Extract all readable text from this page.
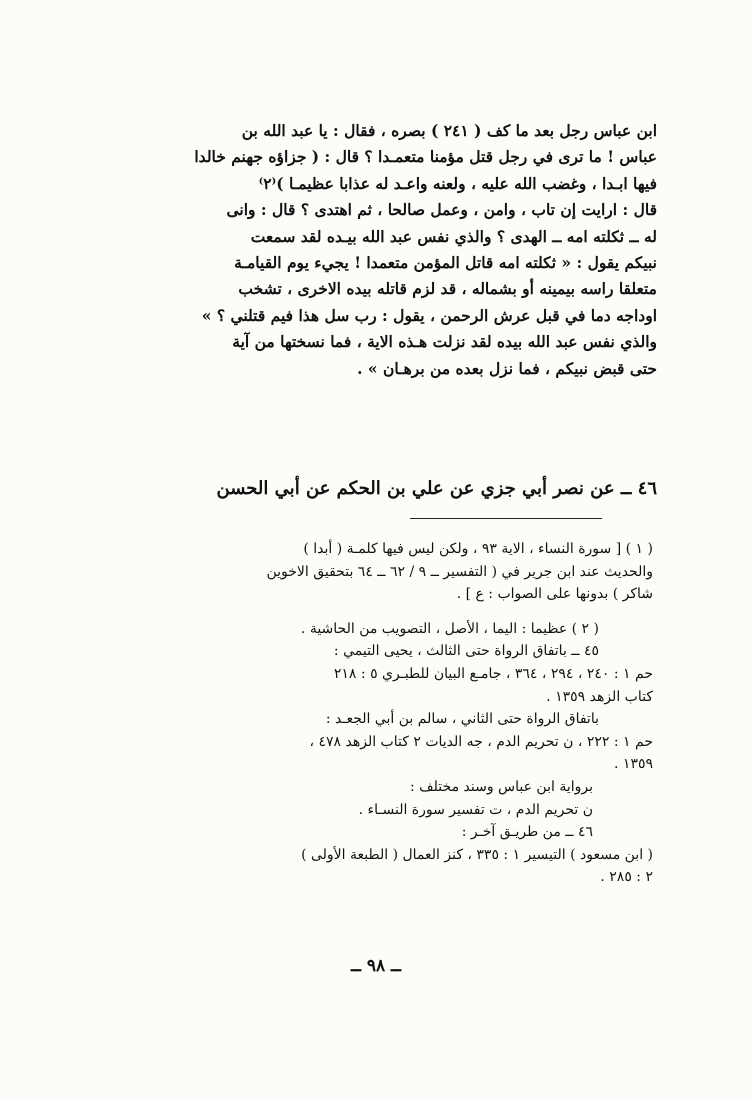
ابن عباس رجل بعد ما كف ( ٢٤١ ) بصره ، فقال : يا عبد الله بن
عباس ! ما ترى في رجل قتل مؤمنا متعمـدا ؟ قال : ( جزاؤه جهنم خالدا
فيها ابـدا ، وغضب الله عليه ، ولعنه واعـد له عذابا عظيمـا )⁽٢⁾
قال : ارايت إن تاب ، وامن ، وعمل صالحا ، ثم اهتدى ؟ قال : وانى
له ــ ثكلته امه ــ الهدى ؟ والذي نفس عبد الله بيـده لقد سمعت
نبيكم يقول : « ثكلته امه قاتل المؤمن متعمدا ! يجيء يوم القيامـة
متعلقا راسه بيمينه أو بشماله ، قد لزم قاتله بيده الاخرى ، تشخب
اوداجه دما في قبل عرش الرحمن ، يقول : رب سل هذا فيم قتلني ؟ »
والذي نفس عبد الله بيده لقد نزلت هـذه الاية ، فما نسختها من آية
حتى قبض نبيكم ، فما نزل بعده من برهـان » .
٤٦ ــ عن نصر أبي جزي عن علي بن الحكم عن أبي الحسن
( ١ ) [ سورة النساء ، الاية ٩٣ ، ولكن ليس فيها كلمـة ( أبدا )
والحديث عند ابن جرير في ( التفسير ــ ٩ / ٦٢ ــ ٦٤ بتحقيق الاخوين
شاكر ) بدونها على الصواب : ع ] .
( ٢ ) عظيما : اليما ، الأصل ، التصويب من الحاشية .
٤٥ ــ باتفاق الرواة حتى الثالث ، يحيى التيمي :
حم ١ : ٢٤٠ ، ٢٩٤ ، ٣٦٤ ، جامـع البيان للطبـري ٥ : ٢١٨
كتاب الزهد ١٣٥٩ .
باتفاق الرواة حتى الثاني ، سالم بن أبي الجعـد :
حم ١ : ٢٢٢ ، ن تحريم الدم ، جه الديات ٢ كتاب الزهد ٤٧٨ ،
١٣٥٩ .
برواية ابن عباس وسند مختلف :
ن تحريم الدم ، ت تفسير سورة النسـاء .
٤٦ ــ من طريـق آخـر :
( ابن مسعود ) التيسير ١ : ٣٣٥ ، كنز العمال ( الطبعة الأولى )
٢ : ٢٨٥ .
ــ ٩٨ ــ
